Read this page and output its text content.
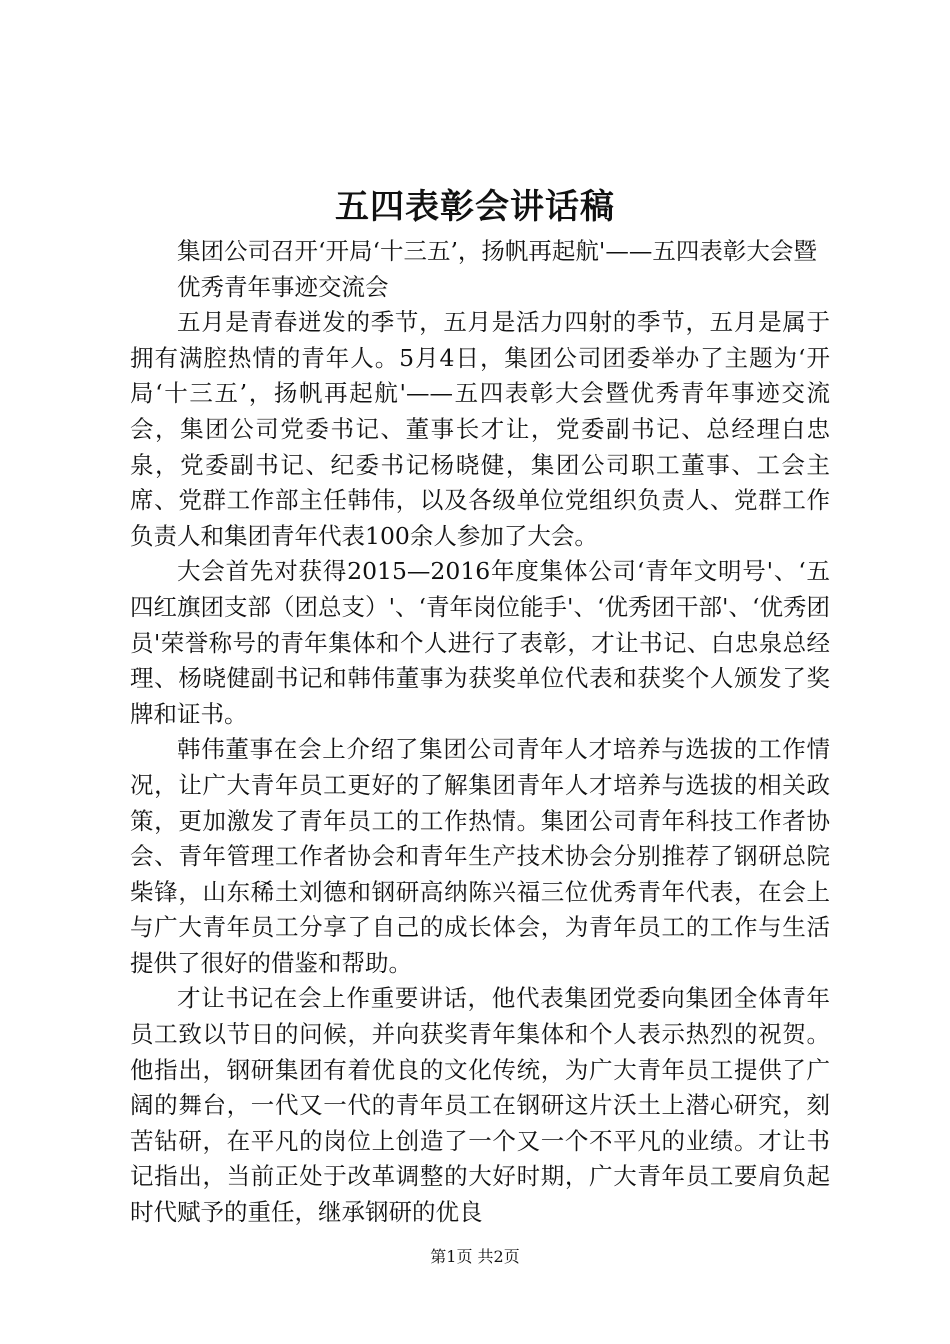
五四表彰会讲话稿

集团公司召开‘开局‘十三五’，扬帆再起航'——五四表彰大会暨

优秀青年事迹交流会

五月是青春迸发的季节，五月是活力四射的季节，五月是属于拥有满腔热情的青年人。5月4日，集团公司团委举办了主题为‘开局‘十三五’，扬帆再起航'——五四表彰大会暨优秀青年事迹交流会，集团公司党委书记、董事长才让，党委副书记、总经理白忠泉，党委副书记、纪委书记杨晓健，集团公司职工董事、工会主席、党群工作部主任韩伟，以及各级单位党组织负责人、党群工作负责人和集团青年代表100余人参加了大会。

大会首先对获得2015—2016年度集体公司‘青年文明号'、‘五四红旗团支部（团总支）'、‘青年岗位能手'、‘优秀团干部'、‘优秀团员'荣誉称号的青年集体和个人进行了表彰，才让书记、白忠泉总经理、杨晓健副书记和韩伟董事为获奖单位代表和获奖个人颁发了奖牌和证书。

韩伟董事在会上介绍了集团公司青年人才培养与选拔的工作情况，让广大青年员工更好的了解集团青年人才培养与选拔的相关政策，更加激发了青年员工的工作热情。集团公司青年科技工作者协会、青年管理工作者协会和青年生产技术协会分别推荐了钢研总院柴锋，山东稀土刘德和钢研高纳陈兴福三位优秀青年代表，在会上与广大青年员工分享了自己的成长体会，为青年员工的工作与生活提供了很好的借鉴和帮助。

才让书记在会上作重要讲话，他代表集团党委向集团全体青年员工致以节日的问候，并向获奖青年集体和个人表示热烈的祝贺。他指出，钢研集团有着优良的文化传统，为广大青年员工提供了广阔的舞台，一代又一代的青年员工在钢研这片沃土上潜心研究，刻苦钻研，在平凡的岗位上创造了一个又一个不平凡的业绩。才让书记指出，当前正处于改革调整的大好时期，广大青年员工要肩负起时代赋予的重任，继承钢研的优良

第1页 共2页
